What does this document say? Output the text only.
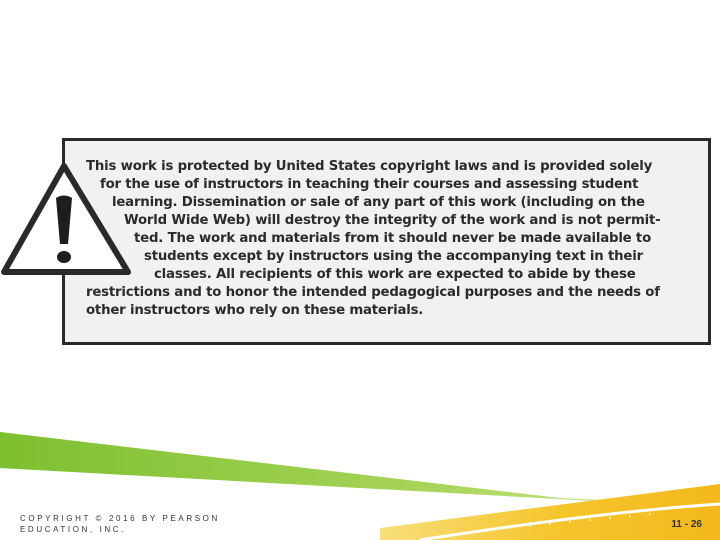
This work is protected by United States copyright laws and is provided solely
for the use of instructors in teaching their courses and assessing student
learning. Dissemination or sale of any part of this work (including on the
World Wide Web) will destroy the integrity of the work and is not permit-
ted. The work and materials from it should never be made available to
students except by instructors using the accompanying text in their
classes. All recipients of this work are expected to abide by these
restrictions and to honor the intended pedagogical purposes and the needs of
other instructors who rely on these materials.

COPYRIGHT © 2016 BY PEARSON
EDUCATION, INC.	11 - 26
